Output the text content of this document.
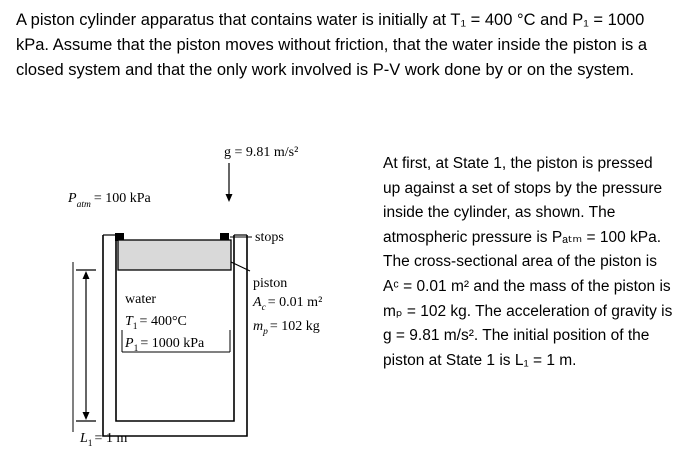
A piston cylinder apparatus that contains water is initially at T₁ = 400 °C and P₁ = 1000 kPa. Assume that the piston moves without friction, that the water inside the piston is a closed system and that the only work involved is P-V work done by or on the system.
g = 9.81 m/s²
$P_{atm} = 100$ kPa
stops
piston
$A_c = 0.01$ m²
$m_p = 102$ kg
water
$T_1 = 400^\circ C$
$P_1 = 1000$ kPa
$L_1 = 1$ m
At first, at State 1, the piston is pressed up against a set of stops by the pressure inside the cylinder, as shown. The atmospheric pressure is Pₐₜₘ = 100 kPa. The cross-sectional area of the piston is Aᶜ = 0.01 m² and the mass of the piston is mₚ = 102 kg. The acceleration of gravity is g = 9.81 m/s². The initial position of the piston at State 1 is L₁ = 1 m.
